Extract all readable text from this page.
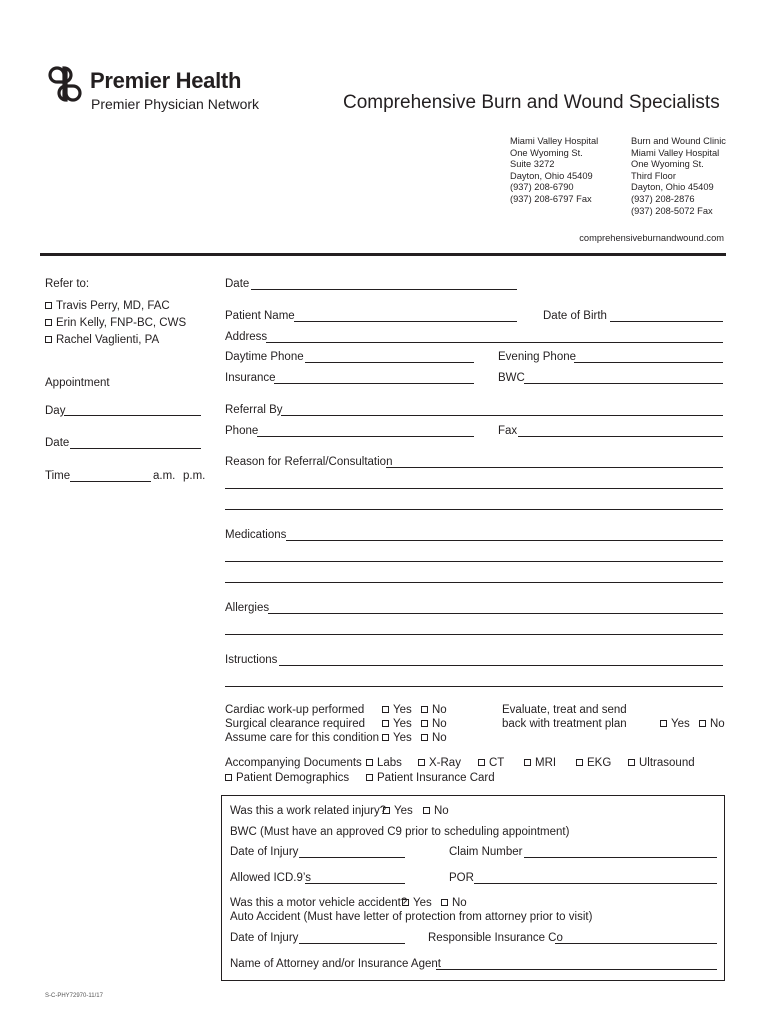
Premier Health
Premier Physician Network	Comprehensive Burn and Wound Specialists
Miami Valley Hospital
One Wyoming St.
Suite 3272
Dayton, Ohio 45409
(937) 208-6790
(937) 208-6797 Fax
Burn and Wound Clinic
Miami Valley Hospital
One Wyoming St.
Third Floor
Dayton, Ohio 45409
(937) 208-2876
(937) 208-5072 Fax
comprehensiveburnandwound.com
Refer to:
Travis Perry, MD, FAC
Erin Kelly, FNP-BC, CWS
Rachel Vaglienti, PA
Appointment
Day
Date
Time	a.m. p.m.
Date
Patient Name	Date of Birth
Address
Daytime Phone	Evening Phone
Insurance	BWC
Referral By
Phone	Fax
Reason for Referral/Consultation
Medications
Allergies
Istructions
Cardiac work-up performed	Yes	No
Surgical clearance required	Yes	No
Assume care for this condition	Yes	No
Evaluate, treat and send
back with treatment plan	Yes	No
Accompanying Documents	Labs	X-Ray	CT	MRI	EKG	Ultrasound
Patient Demographics	Patient Insurance Card
Was this a work related injury? Yes	No
BWC (Must have an approved C9 prior to scheduling appointment)
Date of Injury	Claim Number
Allowed ICD.9’s	POR
Was this a motor vehicle accident? Yes	No
Auto Accident (Must have letter of protection from attorney prior to visit)
Date of Injury	Responsible Insurance Co
Name of Attorney and/or Insurance Agent
S-C-PHY72970-11/17
